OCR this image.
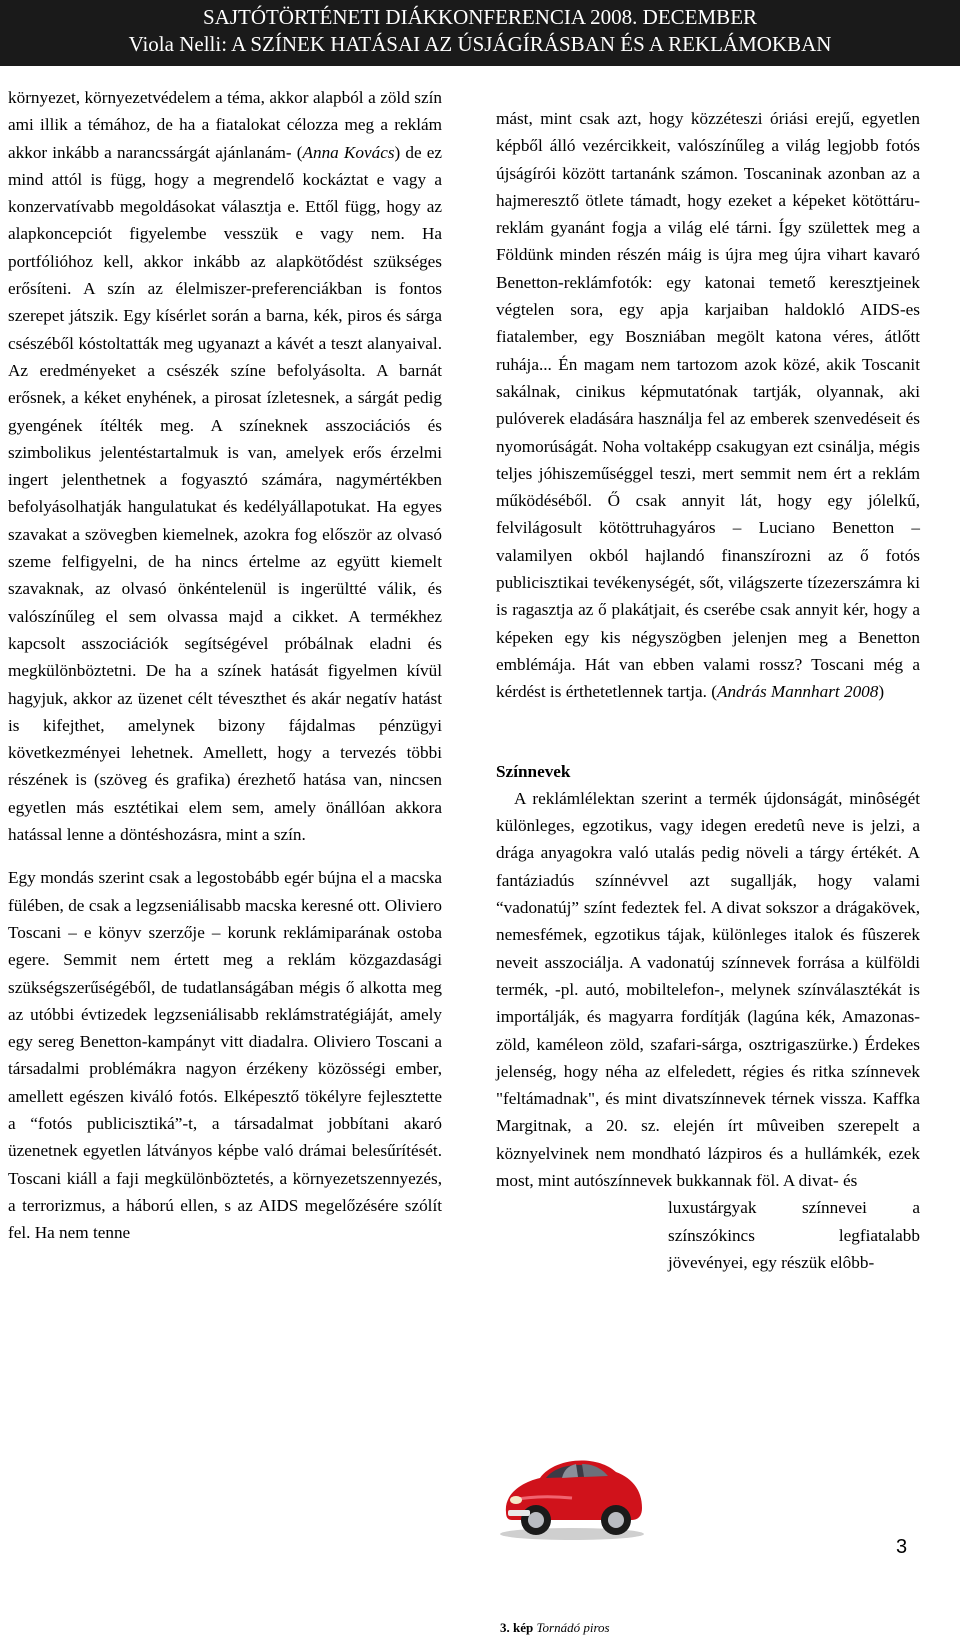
SAJTÓTÖRTÉNETI DIÁKKONFERENCIA 2008. DECEMBER
Viola Nelli: A SZÍNEK HATÁSAI AZ ÚSJÁGÍRÁSBAN ÉS A REKLÁMOKBAN

környezet, környezetvédelem a téma, akkor alapból a zöld szín ami illik a témához, de ha a fiatalokat célozza meg a reklám akkor inkább a narancssárgát ajánlanám- (Anna Kovács) de ez mind attól is függ, hogy a megrendelő kockáztat e vagy a konzervatívabb megoldásokat választja e. Ettől függ, hogy az alapkoncepciót figyelembe vesszük e vagy nem. Ha portfólióhoz kell, akkor inkább az alapkötődést szükséges erősíteni. A szín az élelmiszer-preferenciákban is fontos szerepet játszik. Egy kísérlet során a barna, kék, piros és sárga csészéből kóstoltatták meg ugyanazt a kávét a teszt alanyaival. Az eredményeket a csészék színe befolyásolta. A barnát erősnek, a kéket enyhének, a pirosat ízletesnek, a sárgát pedig gyengének ítélték meg. A színeknek asszociációs és szimbolikus jelentéstartalmuk is van, amelyek erős érzelmi ingert jelenthetnek a fogyasztó számára, nagymértékben befolyásolhatják hangulatukat és kedélyállapotukat. Ha egyes szavakat a szövegben kiemelnek, azokra fog először az olvasó szeme felfigyelni, de ha nincs értelme az együtt kiemelt szavaknak, az olvasó önkéntelenül is ingerültté válik, és valószínűleg el sem olvassa majd a cikket. A termékhez kapcsolt asszociációk segítségével próbálnak eladni és megkülönböztetni. De ha a színek hatását figyelmen kívül hagyjuk, akkor az üzenet célt téveszthet és akár negatív hatást is kifejthet, amelynek bizony fájdalmas pénzügyi következményei lehetnek. Amellett, hogy a tervezés többi részének is (szöveg és grafika) érezhető hatása van, nincsen egyetlen más esztétikai elem sem, amely önállóan akkora hatással lenne a döntéshozásra, mint a szín.

Egy mondás szerint csak a legostobább egér bújna el a macska fülében, de csak a legzseniálisabb macska keresné ott. Oliviero Toscani – e könyv szerzője – korunk reklámiparának ostoba egere. Semmit nem értett meg a reklám közgazdasági szükségszerűségéből, de tudatlanságában mégis ő alkotta meg az utóbbi évtizedek legzseniálisabb reklámstratégiáját, amely egy sereg Benetton-kampányt vitt diadalra. Oliviero Toscani a társadalmi problémákra nagyon érzékeny közösségi ember, amellett egészen kiváló fotós. Elképesztő tökélyre fejlesztette a “fotós publicisztiká”-t, a társadalmat jobbítani akaró üzenetnek egyetlen látványos képbe való drámai belesűrítését. Toscani kiáll a faji megkülönböztetés, a környezetszennyezés, a terrorizmus, a háború ellen, s az AIDS megelőzésére szólít fel. Ha nem tenne

mást, mint csak azt, hogy közzéteszi óriási erejű, egyetlen képből álló vezércikkeit, valószínűleg a világ legjobb fotós újságírói között tartanánk számon. Toscaninak azonban az a hajmeresztő ötlete támadt, hogy ezeket a képeket kötöttáru-reklám gyanánt fogja a világ elé tárni. Így születtek meg a Földünk minden részén máig is újra meg újra vihart kavaró Benetton-reklámfotók: egy katonai temető keresztjeinek végtelen sora, egy apja karjaiban haldokló AIDS-es fiatalember, egy Boszniában megölt katona véres, átlőtt ruhája... Én magam nem tartozom azok közé, akik Toscanit sakálnak, cinikus képmutatónak tartják, olyannak, aki pulóverek eladására használja fel az emberek szenvedéseit és nyomorúságát. Noha voltaképp csakugyan ezt csinálja, mégis teljes jóhiszeműséggel teszi, mert semmit nem ért a reklám működéséből. Ő csak annyit lát, hogy egy jólelkű, felvilágosult kötöttruhagyáros – Luciano Benetton – valamilyen okból hajlandó finanszírozni az ő fotós publicisztikai tevékenységét, sőt, világszerte tízezerszámra ki is ragasztja az ő plakátjait, és cserébe csak annyit kér, hogy a képeken egy kis négyszögben jelenjen meg a Benetton emblémája. Hát van ebben valami rossz? Toscani még a kérdést is érthetetlennek tartja. (András Mannhart 2008)

Színnevek

A reklámlélektan szerint a termék újdonságát, minôségét különleges, egzotikus, vagy idegen eredetû neve is jelzi, a drága anyagokra való utalás pedig növeli a tárgy értékét. A fantáziadús színnévvel azt sugallják, hogy valami “vadonatúj” színt fedeztek fel. A divat sokszor a drágakövek, nemesfémek, egzotikus tájak, különleges italok és fûszerek neveit asszociálja. A vadonatúj színnevek forrása a külföldi termék, -pl. autó, mobiltelefon-, melynek színválasztékát is importálják, és magyarra fordítják (lagúna kék, Amazonas-zöld, kaméleon zöld, szafari-sárga, osztrigaszürke.) Érdekes jelenség, hogy néha az elfeledett, régies és ritka színnevek "feltámadnak", és mint divatszínnevek térnek vissza. Kaffka Margitnak, a 20. sz. elején írt mûveiben szerepelt a köznyelvinek nem mondható lázpiros és a hullámkék, ezek most, mint autószínnevek bukkannak föl. A divat- és

luxustárgyak színnevei a színszókincs legfiatalabb jövevényei, egy részük elôbb-

3
3. kép Tornádó piros
